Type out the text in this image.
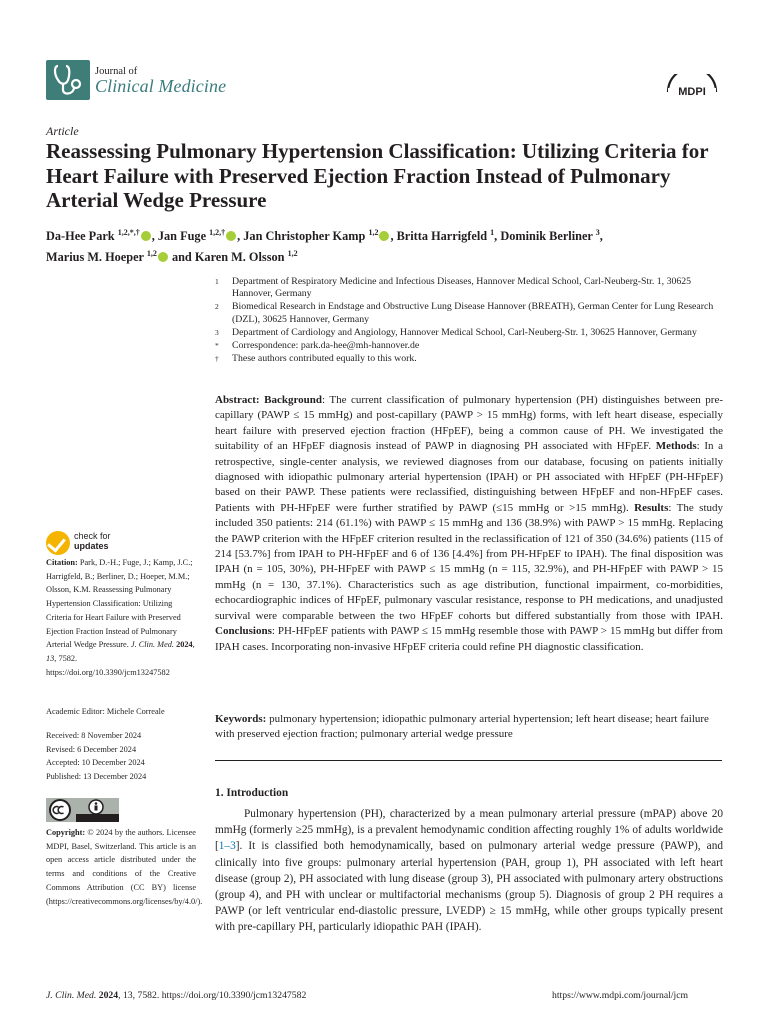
Journal of
Clinical Medicine	MDPI
Article
Reassessing Pulmonary Hypertension Classification: Utilizing Criteria for Heart Failure with Preserved Ejection Fraction Instead of Pulmonary Arterial Wedge Pressure
Da-Hee Park $^{1,2,*,\dagger}$ , Jan Fuge $^{1,2,\dagger}$ , Jan Christopher Kamp $^{1,2}$ , Britta Harrigfeld $^1$, Dominik Berliner $^3$,
Marius M. Hoeper $^{1,2}$ and Karen M. Olsson $^{1,2}$
1	Department of Respiratory Medicine and Infectious Diseases, Hannover Medical School, Carl-Neuberg-Str. 1, 30625 Hannover, Germany
2	Biomedical Research in Endstage and Obstructive Lung Disease Hannover (BREATH), German Center for Lung Research (DZL), 30625 Hannover, Germany
3	Department of Cardiology and Angiology, Hannover Medical School, Carl-Neuberg-Str. 1, 30625 Hannover, Germany
*	Correspondence: park.da-hee@mh-hannover.de
†	These authors contributed equally to this work.

Abstract: Background: The current classification of pulmonary hypertension (PH) distinguishes between pre-capillary (PAWP ≤ 15 mmHg) and post-capillary (PAWP > 15 mmHg) forms, with left heart disease, especially heart failure with preserved ejection fraction (HFpEF), being a common cause of PH. We investigated the suitability of an HFpEF diagnosis instead of PAWP in diagnosing PH associated with HFpEF. Methods: In a retrospective, single-center analysis, we reviewed diagnoses from our database, focusing on patients initially diagnosed with idiopathic pulmonary arterial hypertension (IPAH) or PH associated with HFpEF (PH-HFpEF) based on their PAWP. These patients were reclassified, distinguishing between HFpEF and non-HFpEF cases. Patients with PH-HFpEF were further stratified by PAWP (≤15 mmHg or >15 mmHg). Results: The study included 350 patients: 214 (61.1%) with PAWP ≤ 15 mmHg and 136 (38.9%) with PAWP > 15 mmHg. Replacing the PAWP criterion with the HFpEF criterion resulted in the reclassification of 121 of 350 (34.6%) patients (115 of 214 [53.7%] from IPAH to PH-HFpEF and 6 of 136 [4.4%] from PH-HFpEF to IPAH). The final disposition was IPAH (n = 105, 30%), PH-HFpEF with PAWP ≤ 15 mmHg (n = 115, 32.9%), and PH-HFpEF with PAWP > 15 mmHg (n = 130, 37.1%). Characteristics such as age distribution, functional impairment, co-morbidities, echocardiographic indices of HFpEF, pulmonary vascular resistance, response to PH medications, and unadjusted survival were comparable between the two HFpEF cohorts but differed substantially from those with IPAH. Conclusions: PH-HFpEF patients with PAWP ≤ 15 mmHg resemble those with PAWP > 15 mmHg but differ from IPAH cases. Incorporating non-invasive HFpEF criteria could refine PH diagnostic classification.

Keywords: pulmonary hypertension; idiopathic pulmonary arterial hypertension; left heart disease; heart failure with preserved ejection fraction; pulmonary arterial wedge pressure

1. Introduction

Pulmonary hypertension (PH), characterized by a mean pulmonary arterial pressure (mPAP) above 20 mmHg (formerly ≥25 mmHg), is a prevalent hemodynamic condition affecting roughly 1% of adults worldwide [1–3]. It is classified both hemodynamically, based on pulmonary arterial wedge pressure (PAWP), and clinically into five groups: pulmonary arterial hypertension (PAH, group 1), PH associated with left heart disease (group 2), PH associated with lung disease (group 3), PH associated with pulmonary artery obstructions (group 4), and PH with unclear or multifactorial mechanisms (group 5). Diagnosis of group 2 PH requires a PAWP (or left ventricular end-diastolic pressure, LVEDP) ≥ 15 mmHg, while other groups typically present with pre-capillary PH, particularly idiopathic PAH (IPAH).

check for
updates
Citation: Park, D.-H.; Fuge, J.; Kamp, J.C.; Harrigfeld, B.; Berliner, D.; Hoeper, M.M.; Olsson, K.M. Reassessing Pulmonary Hypertension Classification: Utilizing Criteria for Heart Failure with Preserved Ejection Fraction Instead of Pulmonary Arterial Wedge Pressure. J. Clin. Med. 2024, 13, 7582. https://doi.org/10.3390/jcm13247582
Academic Editor: Michele Correale
Received: 8 November 2024
Revised: 6 December 2024
Accepted: 10 December 2024
Published: 13 December 2024
Copyright: © 2024 by the authors. Licensee MDPI, Basel, Switzerland. This article is an open access article distributed under the terms and conditions of the Creative Commons Attribution (CC BY) license (https://creativecommons.org/licenses/by/4.0/).
J. Clin. Med. 2024, 13, 7582. https://doi.org/10.3390/jcm13247582	https://www.mdpi.com/journal/jcm
